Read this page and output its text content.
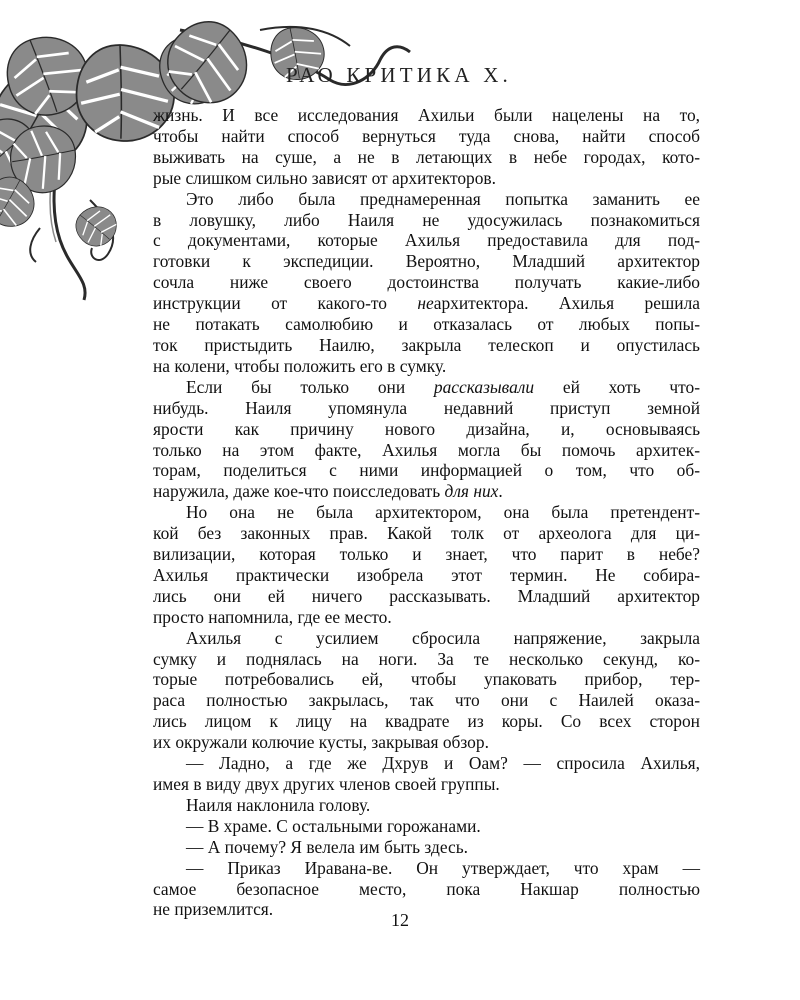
РАО КРИТИКА Х.

жизнь. И все исследования Ахильи были нацелены на то,
чтобы найти способ вернуться туда снова, найти способ
выживать на суше, а не в летающих в небе городах, кото-
рые слишком сильно зависят от архитекторов.

Это либо была преднамеренная попытка заманить ее
в ловушку, либо Наиля не удосужилась познакомиться
с документами, которые Ахилья предоставила для под-
готовки к экспедиции. Вероятно, Младший архитектор
сочла ниже своего достоинства получать какие-либо
инструкции от какого-то неархитектора. Ахилья решила
не потакать самолюбию и отказалась от любых попы-
ток пристыдить Наилю, закрыла телескоп и опустилась
на колени, чтобы положить его в сумку.

Если бы только они рассказывали ей хоть что-
нибудь. Наиля упомянула недавний приступ земной
ярости как причину нового дизайна, и, основываясь
только на этом факте, Ахилья могла бы помочь архитек-
торам, поделиться с ними информацией о том, что об-
наружила, даже кое-что поисследовать для них.

Но она не была архитектором, она была претендент-
кой без законных прав. Какой толк от археолога для ци-
вилизации, которая только и знает, что парит в небе?
Ахилья практически изобрела этот термин. Не собира-
лись они ей ничего рассказывать. Младший архитектор
просто напомнила, где ее место.

Ахилья с усилием сбросила напряжение, закрыла
сумку и поднялась на ноги. За те несколько секунд, ко-
торые потребовались ей, чтобы упаковать прибор, тер-
раса полностью закрылась, так что они с Наилей оказа-
лись лицом к лицу на квадрате из коры. Со всех сторон
их окружали колючие кусты, закрывая обзор.

— Ладно, а где же Дхрув и Оам? — спросила Ахилья,
имея в виду двух других членов своей группы.

Наиля наклонила голову.

— В храме. С остальными горожанами.

— А почему? Я велела им быть здесь.

— Приказ Иравана-ве. Он утверждает, что храм —
самое безопасное место, пока Накшар полностью
не приземлится.

12
